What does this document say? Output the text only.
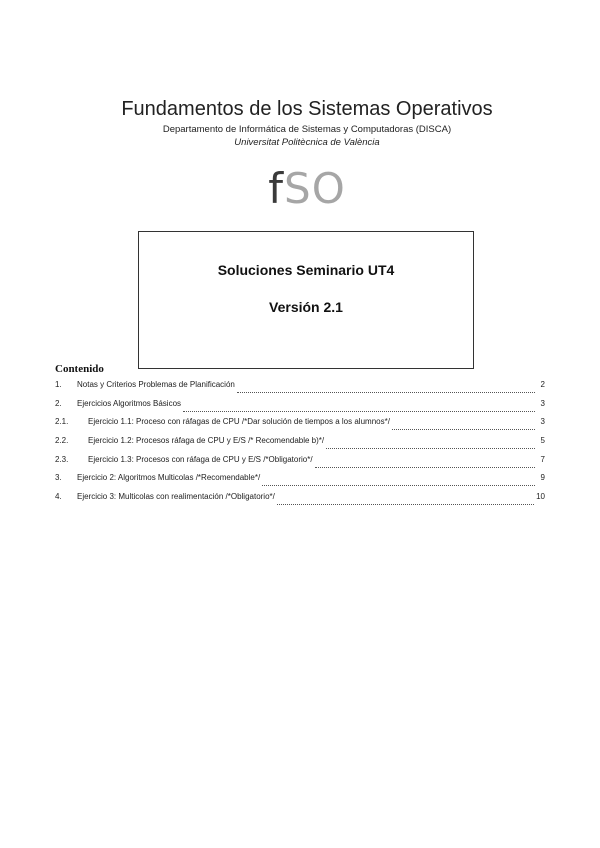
Fundamentos de los Sistemas Operativos
Departamento de Informática de Sistemas y Computadoras (DISCA)
Universitat Politècnica de València
fSO
Soluciones Seminario UT4
Versión 2.1
Contenido
1.	Notas y Criterios Problemas de Planificación	2
2.	Ejercicios Algoritmos Básicos	3
2.1.	Ejercicio 1.1: Proceso con ráfagas de CPU /*Dar solución de tiempos a los alumnos*/	3
2.2.	Ejercicio 1.2: Procesos ráfaga de CPU y E/S /* Recomendable b)*/	5
2.3.	Ejercicio 1.3: Procesos con ráfaga de CPU y E/S /*Obligatorio*/	7
3.	Ejercicio 2: Algoritmos Multicolas /*Recomendable*/	9
4.	Ejercicio 3: Multicolas con realimentación /*Obligatorio*/	10
